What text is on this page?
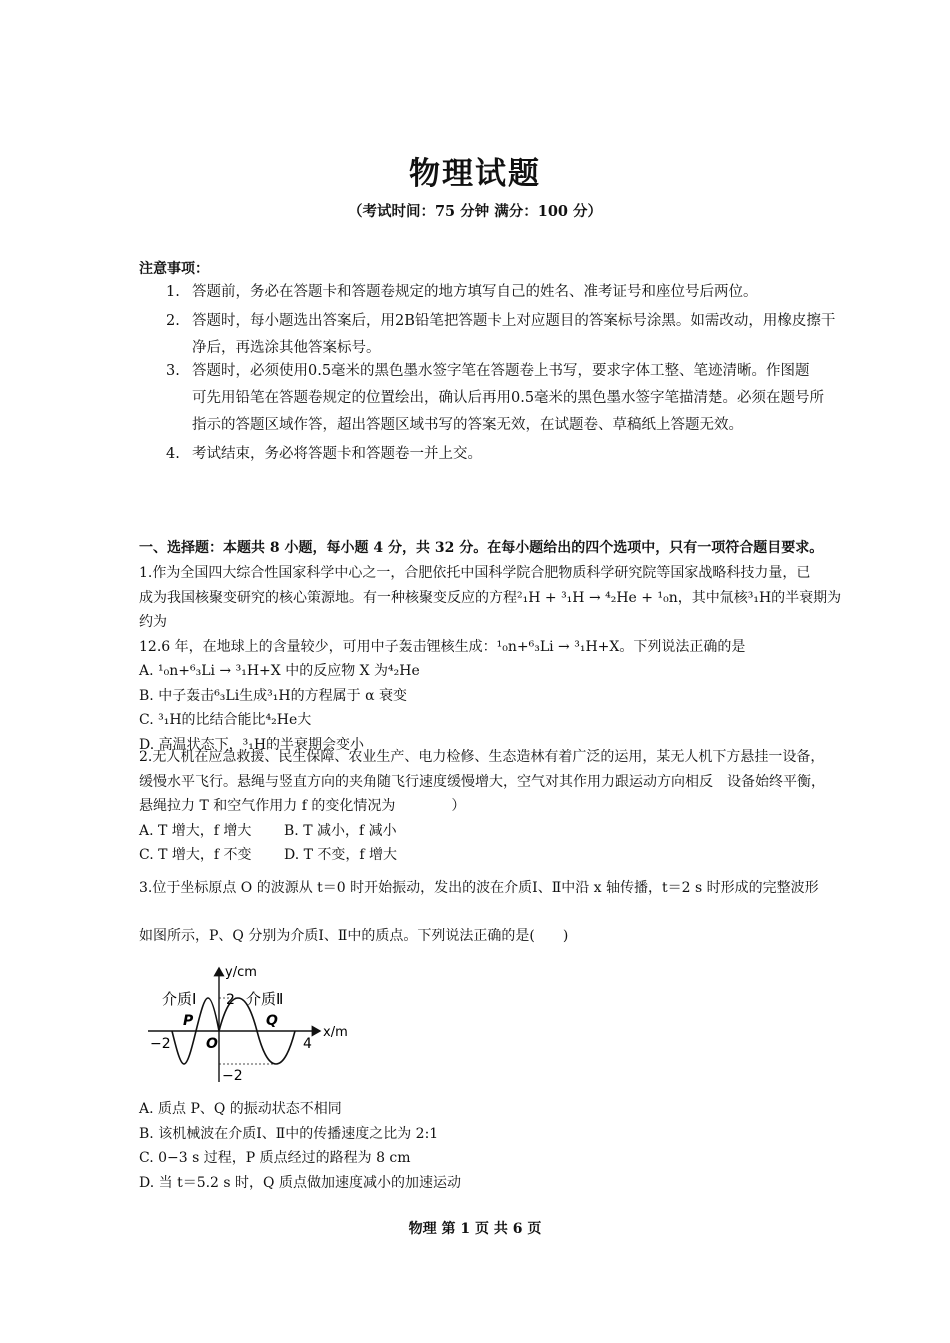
物理试题
（考试时间：75 分钟 满分：100 分）
注意事项：
1. 答题前，务必在答题卡和答题卷规定的地方填写自己的姓名、准考证号和座位号后两位。
2. 答题时，每小题选出答案后，用2B铅笔把答题卡上对应题目的答案标号涂黑。如需改动，用橡皮擦干
净后，再选涂其他答案标号。
3. 答题时，必须使用0.5毫米的黑色墨水签字笔在答题卷上书写，要求字体工整、笔迹清晰。作图题
可先用铅笔在答题卷规定的位置绘出，确认后再用0.5毫米的黑色墨水签字笔描清楚。必须在题号所
指示的答题区域作答，超出答题区域书写的答案无效，在试题卷、草稿纸上答题无效。
4. 考试结束，务必将答题卡和答题卷一并上交。
一、选择题：本题共 8 小题，每小题 4 分，共 32 分。在每小题给出的四个选项中，只有一项符合题目要求。
1.作为全国四大综合性国家科学中心之一，合肥依托中国科学院合肥物质科学研究院等国家战略科技力量，已
成为我国核聚变研究的核心策源地。有一种核聚变反应的方程²₁H + ³₁H → ⁴₂He + ¹₀n，其中氚核³₁H的半衰期为约为
12.6 年，在地球上的含量较少，可用中子轰击锂核生成：¹₀n+⁶₃Li → ³₁H+X。下列说法正确的是
A. ¹₀n+⁶₃Li → ³₁H+X 中的反应物 X 为⁴₂He
B. 中子轰击⁶₃Li生成³₁H的方程属于 α 衰变
C. ³₁H的比结合能比⁴₂He大
D. 高温状态下，³₁H的半衰期会变小
2.无人机在应急救援、民生保障、农业生产、电力检修、生态造林有着广泛的运用，某无人机下方悬挂一设备，
缓慢水平飞行。悬绳与竖直方向的夹角随飞行速度缓慢增大，空气对其作用力跟运动方向相反　设备始终平衡，
悬绳拉力 T 和空气作用力 f 的变化情况为　　　　）
A. T 增大，f 增大 B. T 减小，f 减小
C. T 增大，f 不变 D. T 不变，f 增大
3.位于坐标原点 O 的波源从 t＝0 时开始振动，发出的波在介质Ⅰ、Ⅱ中沿 x 轴传播，t＝2 s 时形成的完整波形
如图所示，P、Q 分别为介质Ⅰ、Ⅱ中的质点。下列说法正确的是(　　)
y/cm
x/m
介质Ⅰ	介质Ⅱ
2
−2
P	Q
O
−2	4
A. 质点 P、Q 的振动状态不相同
B. 该机械波在介质Ⅰ、Ⅱ中的传播速度之比为 2:1
C. 0−3 s 过程，P 质点经过的路程为 8 cm
D. 当 t＝5.2 s 时，Q 质点做加速度减小的加速运动
物理 第 1 页 共 6 页
